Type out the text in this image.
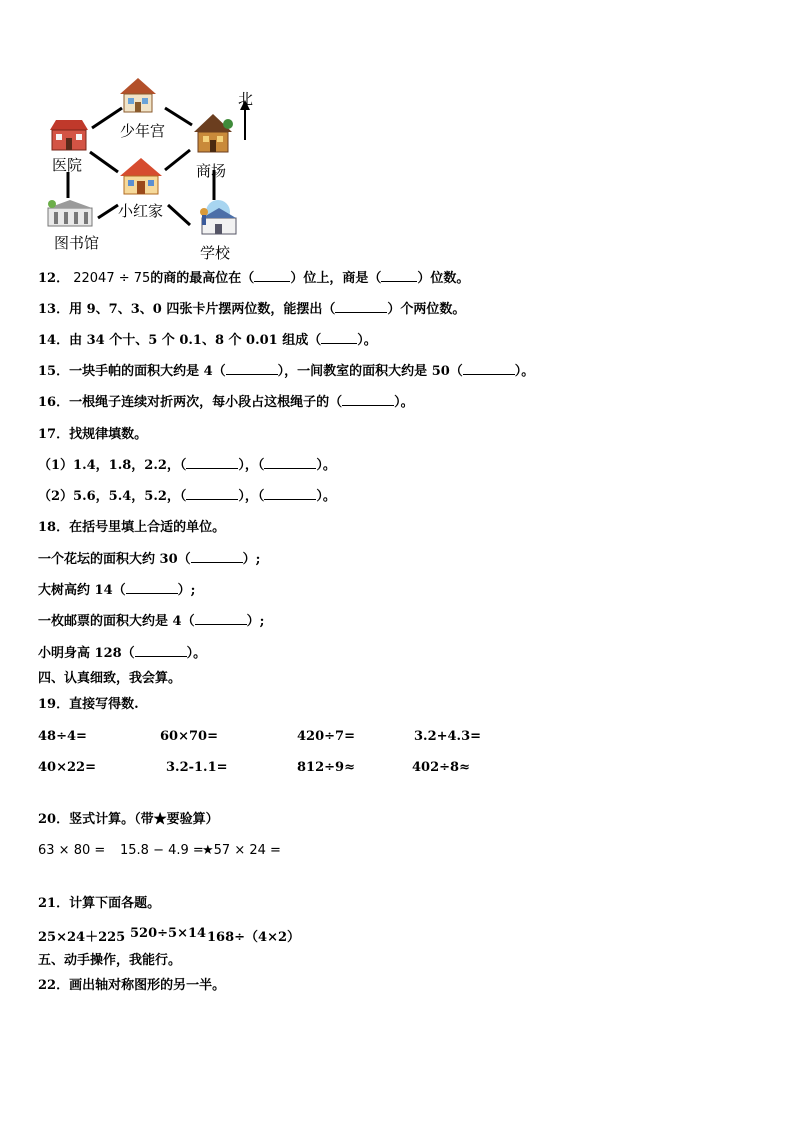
北
少年宫
医院	商场
小红家
图书馆
学校
12． 22047 ÷ 75的商的最高位在（	）位上，商是（	）位数。
13．用 9、7、3、0 四张卡片摆两位数，能摆出（	）个两位数。
14．由 34 个十、5 个 0.1、8 个 0.01 组成（	）。
15．一块手帕的面积大约是 4（	），一间教室的面积大约是 50（	）。
16．一根绳子连续对折两次，每小段占这根绳子的（	）。
17．找规律填数。
（1）1.4，1.8，2.2，（	），（	）。
（2）5.6，5.4，5.2，（	），（	）。
18．在括号里填上合适的单位。
一个花坛的面积大约 30（	）;
大树高约 14（	）;
一枚邮票的面积大约是 4（	）;
小明身高 128（	）。
四、认真细致，我会算。
19．直接写得数.
48÷4=	60×70=	420÷7=	3.2+4.3=
40×22=	3.2-1.1=	812÷9≈	402÷8≈
20．竖式计算。（带★要验算）
63 × 80 = 15.8 − 4.9 =
★57 × 24 =
21．计算下面各题。
25×24＋225 520÷5×14 168÷（4×2）
五、动手操作，我能行。
22．画出轴对称图形的另一半。
